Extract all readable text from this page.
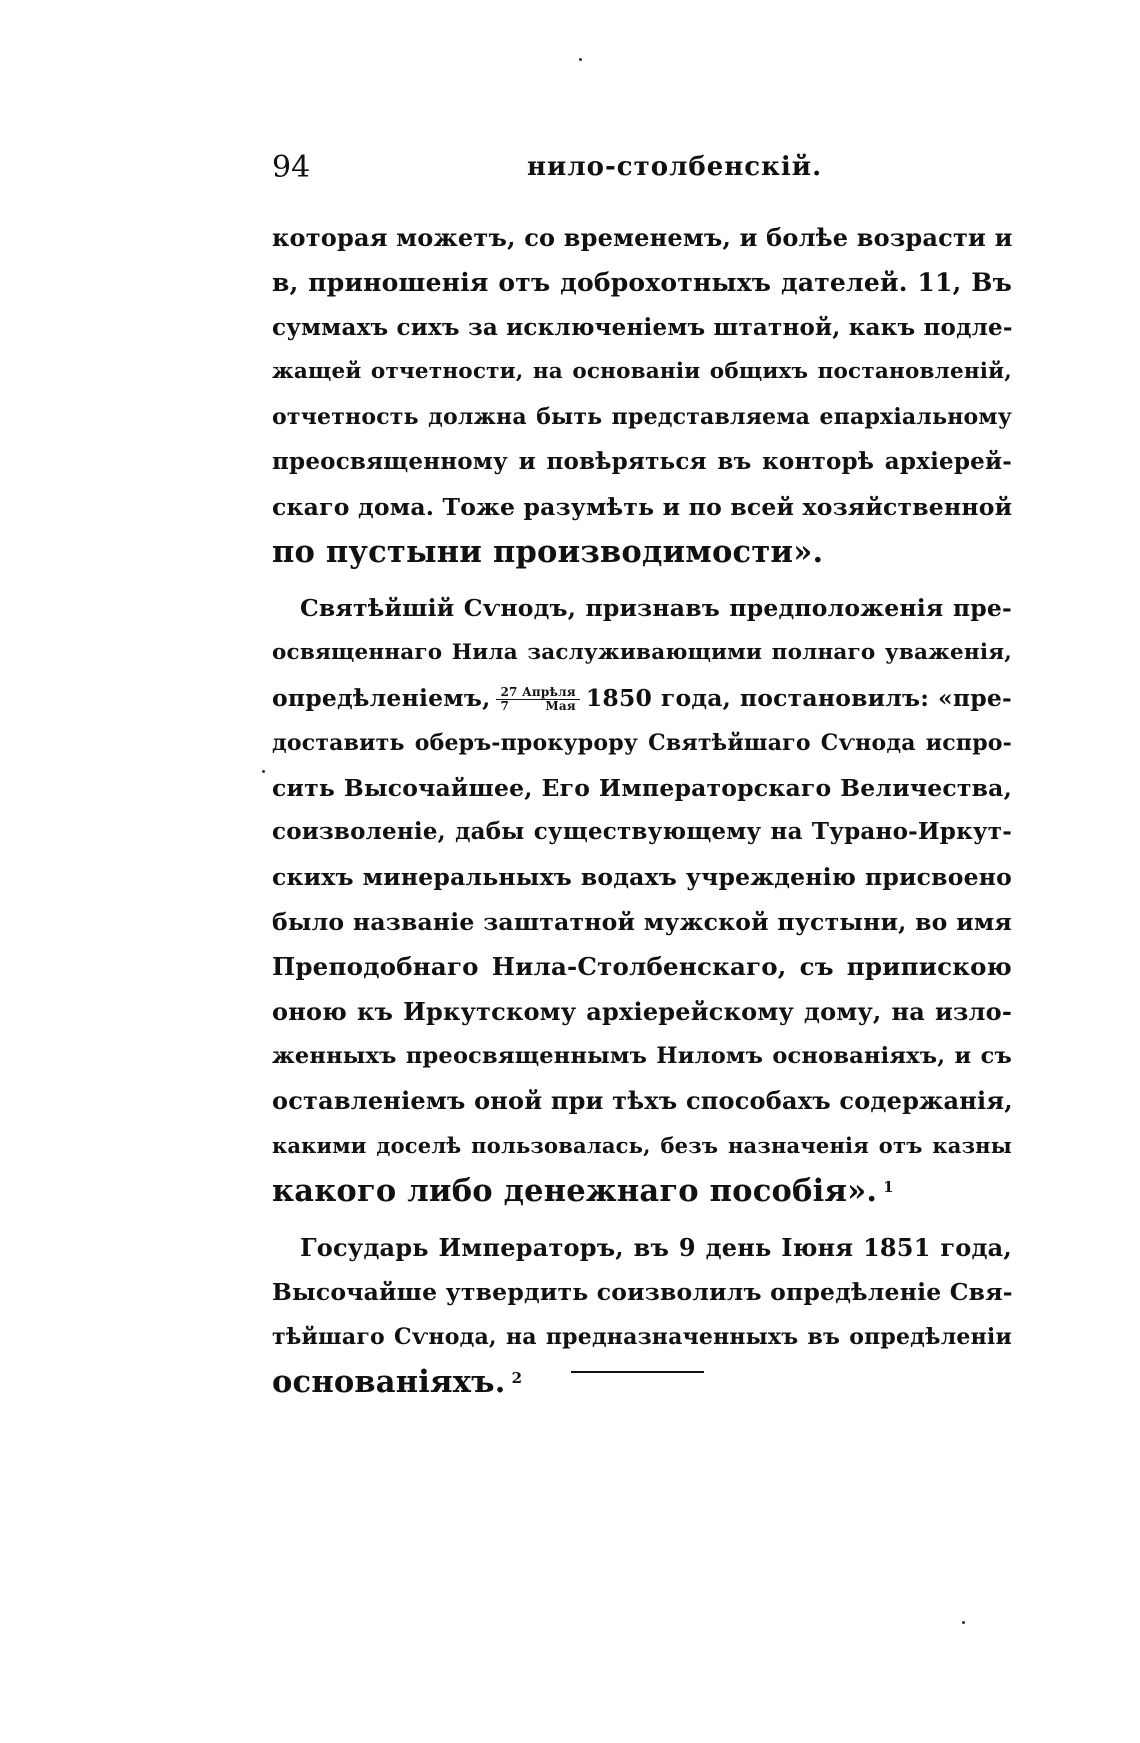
94	нило-столбенскій.
которая можетъ, со временемъ, и болѣе возрасти и
в, приношенія отъ доброхотныхъ дателей. 11, Въ
суммахъ сихъ за исключеніемъ штатной, какъ подле-
жащей отчетности, на основаніи общихъ постановленій,
отчетность должна быть представляема епархіальному
преосвященному и повѣряться въ конторѣ архіерей-
скаго дома. Тоже разумѣть и по всей хозяйственной
по пустыни производимости».
Святѣйшій Сѵнодъ, признавъ предположенія пре-
освященнаго Нила заслуживающими полнаго уваженія,
опредѣленіемъ, $\frac{\text{27 Апрѣля}}{\text{7 Мая}} 1850$ года, постановилъ: «пре-
доставить оберъ-прокурору Святѣйшаго Сѵнода испро-
сить Высочайшее, Его Императорскаго Величества,
соизволеніе, дабы существующему на Турано-Иркут-
скихъ минеральныхъ водахъ учрежденію присвоено
было названіе заштатной мужской пустыни, во имя
Преподобнаго Нила-Столбенскаго, съ припискою
оною къ Иркутскому архіерейскому дому, на изло-
женныхъ преосвященнымъ Ниломъ основаніяхъ, и съ
оставленіемъ оной при тѣхъ способахъ содержанія,
какими доселѣ пользовалась, безъ назначенія отъ казны
какого либо денежнаго пособія». $^1$
Государь Императоръ, въ 9 день Іюня 1851 года,
Высочайше утвердить соизволилъ опредѣленіе Свя-
тѣйшаго Сѵнода, на предназначенныхъ въ опредѣленіи
основаніяхъ. $^2$
